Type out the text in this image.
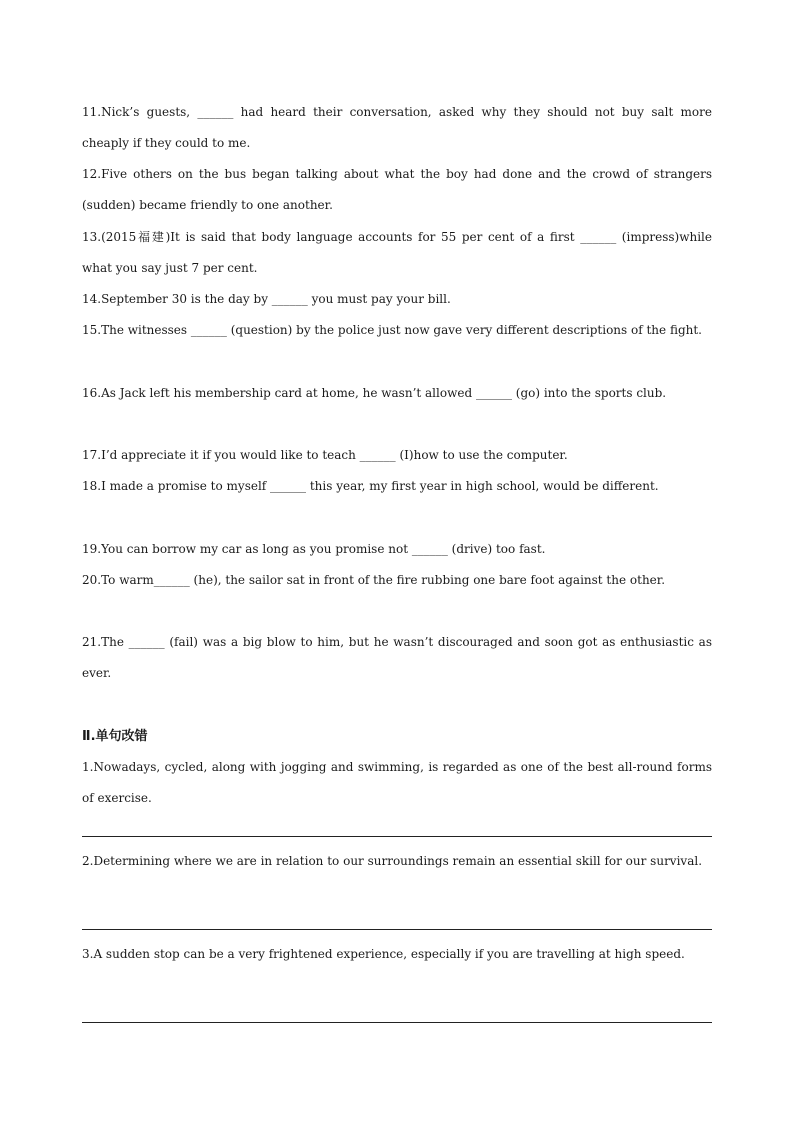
11.Nick’s guests, ______ had heard their conversation, asked why they should not buy salt more cheaply if they could to me.
12.Five others on the bus began talking about what the boy had done and the crowd of strangers (sudden) became friendly to one another.
13.(2015福建)It is said that body language accounts for 55 per cent of a first ______ (impress)while what you say just 7 per cent.
14.September 30 is the day by ______ you must pay your bill.
15.The witnesses ______ (question) by the police just now gave very different descriptions of the fight.
16.As Jack left his membership card at home, he wasn’t allowed ______ (go) into the sports club.
17.I’d appreciate it if you would like to teach ______ (I)how to use the computer.
18.I made a promise to myself ______ this year, my first year in high school, would be different.
19.You can borrow my car as long as you promise not ______ (drive) too fast.
20.To warm______ (he), the sailor sat in front of the fire rubbing one bare foot against the other.
21.The ______ (fail) was a big blow to him, but he wasn’t discouraged and soon got as enthusiastic as ever.
Ⅱ.单句改错
1.Nowadays, cycled, along with jogging and swimming, is regarded as one of the best all-round forms of exercise.
2.Determining where we are in relation to our surroundings remain an essential skill for our survival.
3.A sudden stop can be a very frightened experience, especially if you are travelling at high speed.
